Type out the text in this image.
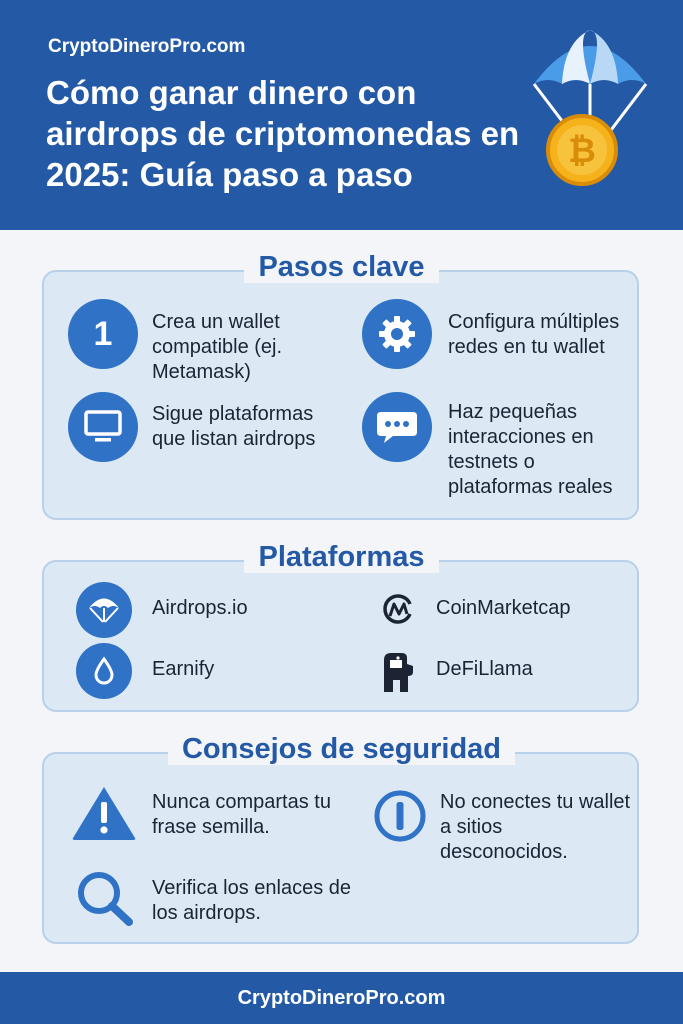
CryptoDineroPro.com
Cómo ganar dinero con airdrops de criptomonedas en 2025: Guía paso a paso
₿
Pasos clave
1 Crea un wallet compatible (ej. Metamask)
Configura múltiples redes en tu wallet
Sigue plataformas que listan airdrops
Haz pequeñas interacciones en testnets o plataformas reales
Plataformas
Airdrops.io	CoinMarketcap
Earnify	DeFiLlama
Consejos de seguridad
Nunca compartas tu frase semilla.
No conectes tu wallet a sitios desconocidos.
Verifica los enlaces de los airdrops.
CryptoDineroPro.com
